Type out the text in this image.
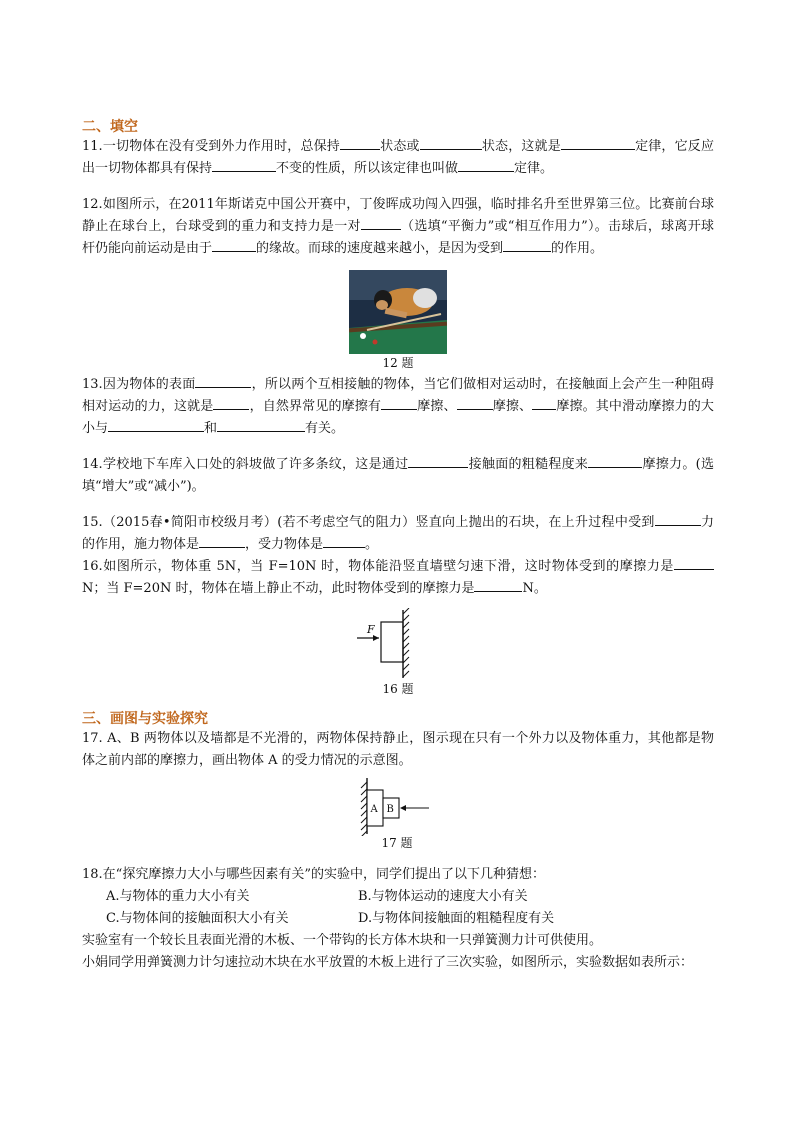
二、填空

11.一切物体在没有受到外力作用时，总保持	状态或	状态，这就是	定律，它反应出一切物体都具有保持	不变的性质，所以该定律也叫做	定律。

12.如图所示，在2011年斯诺克中国公开赛中，丁俊晖成功闯入四强，临时排名升至世界第三位。比赛前台球静止在球台上，台球受到的重力和支持力是一对	（选填“平衡力”或“相互作用力”）。击球后，球离开球杆仍能向前运动是由于	的缘故。而球的速度越来越小，是因为受到	的作用。

12 题

13.因为物体的表面	，所以两个互相接触的物体，当它们做相对运动时，在接触面上会产生一种阻碍相对运动的力，这就是	，自然界常见的摩擦有	摩擦、	摩擦、 摩擦。其中滑动摩擦力的大小与	和	有关。

14.学校地下车库入口处的斜坡做了许多条纹，这是通过	接触面的粗糙程度来	摩擦力。(选填“增大”或“减小”)。

15.（2015春•简阳市校级月考）(若不考虑空气的阻力）竖直向上抛出的石块，在上升过程中受到	力的作用，施力物体是	，受力物体是	。

16.如图所示，物体重 5N，当 F=10N 时，物体能沿竖直墙壁匀速下滑，这时物体受到的摩擦力是N；当 F=20N 时，物体在墙上静止不动，此时物体受到的摩擦力是	N。

F
16 题

三、画图与实验探究

17. A、B 两物体以及墙都是不光滑的，两物体保持静止，图示现在只有一个外力以及物体重力，其他都是物体之前内部的摩擦力，画出物体 A 的受力情况的示意图。

A B
17 题

18.在“探究摩擦力大小与哪些因素有关”的实验中，同学们提出了以下几种猜想：

A.与物体的重力大小有关	B.与物体运动的速度大小有关
C.与物体间的接触面积大小有关	D.与物体间接触面的粗糙程度有关

实验室有一个较长且表面光滑的木板、一个带钩的长方体木块和一只弹簧测力计可供使用。

小娟同学用弹簧测力计匀速拉动木块在水平放置的木板上进行了三次实验，如图所示，实验数据如表所示：
